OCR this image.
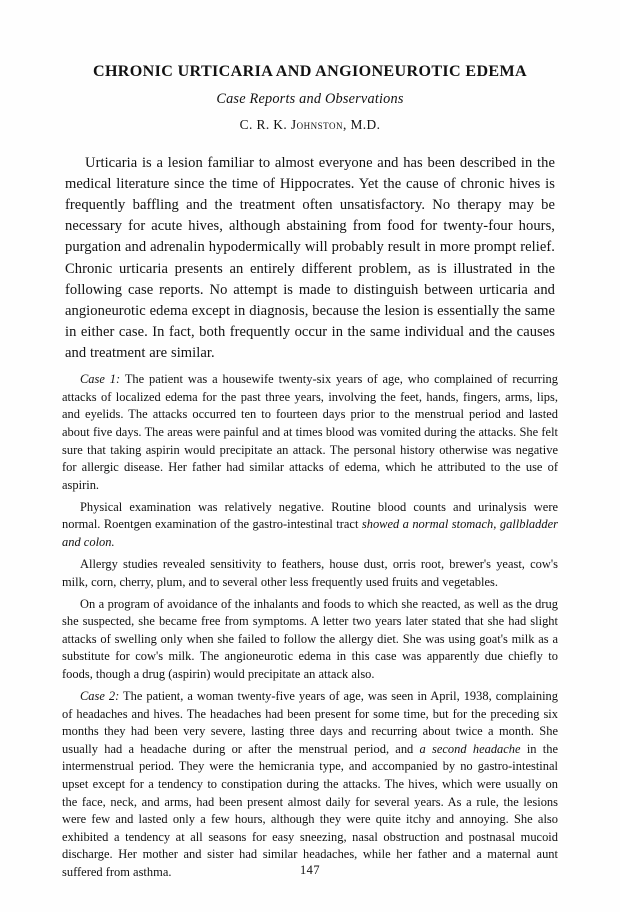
CHRONIC URTICARIA AND ANGIONEUROTIC EDEMA
Case Reports and Observations
C. R. K. Johnston, M.D.

Urticaria is a lesion familiar to almost everyone and has been described in the medical literature since the time of Hippocrates. Yet the cause of chronic hives is frequently baffling and the treatment often unsatisfactory. No therapy may be necessary for acute hives, although abstaining from food for twenty-four hours, purgation and adrenalin hypodermically will probably result in more prompt relief. Chronic urticaria presents an entirely different problem, as is illustrated in the following case reports. No attempt is made to distinguish between urticaria and angioneurotic edema except in diagnosis, because the lesion is essentially the same in either case. In fact, both frequently occur in the same individual and the causes and treatment are similar.

Case 1: The patient was a housewife twenty-six years of age, who complained of recurring attacks of localized edema for the past three years, involving the feet, hands, fingers, arms, lips, and eyelids. The attacks occurred ten to fourteen days prior to the menstrual period and lasted about five days. The areas were painful and at times blood was vomited during the attacks. She felt sure that taking aspirin would precipitate an attack. The personal history otherwise was negative for allergic disease. Her father had similar attacks of edema, which he attributed to the use of aspirin.

Physical examination was relatively negative. Routine blood counts and urinalysis were normal. Roentgen examination of the gastro-intestinal tract showed a normal stomach, gallbladder and colon.

Allergy studies revealed sensitivity to feathers, house dust, orris root, brewer's yeast, cow's milk, corn, cherry, plum, and to several other less frequently used fruits and vegetables.

On a program of avoidance of the inhalants and foods to which she reacted, as well as the drug she suspected, she became free from symptoms. A letter two years later stated that she had slight attacks of swelling only when she failed to follow the allergy diet. She was using goat's milk as a substitute for cow's milk. The angioneurotic edema in this case was apparently due chiefly to foods, though a drug (aspirin) would precipitate an attack also.

Case 2: The patient, a woman twenty-five years of age, was seen in April, 1938, complaining of headaches and hives. The headaches had been present for some time, but for the preceding six months they had been very severe, lasting three days and recurring about twice a month. She usually had a headache during or after the menstrual period, and a second headache in the intermenstrual period. They were the hemicrania type, and accompanied by no gastro-intestinal upset except for a tendency to constipation during the attacks. The hives, which were usually on the face, neck, and arms, had been present almost daily for several years. As a rule, the lesions were few and lasted only a few hours, although they were quite itchy and annoying. She also exhibited a tendency at all seasons for easy sneezing, nasal obstruction and postnasal mucoid discharge. Her mother and sister had similar headaches, while her father and a maternal aunt suffered from asthma.	147
